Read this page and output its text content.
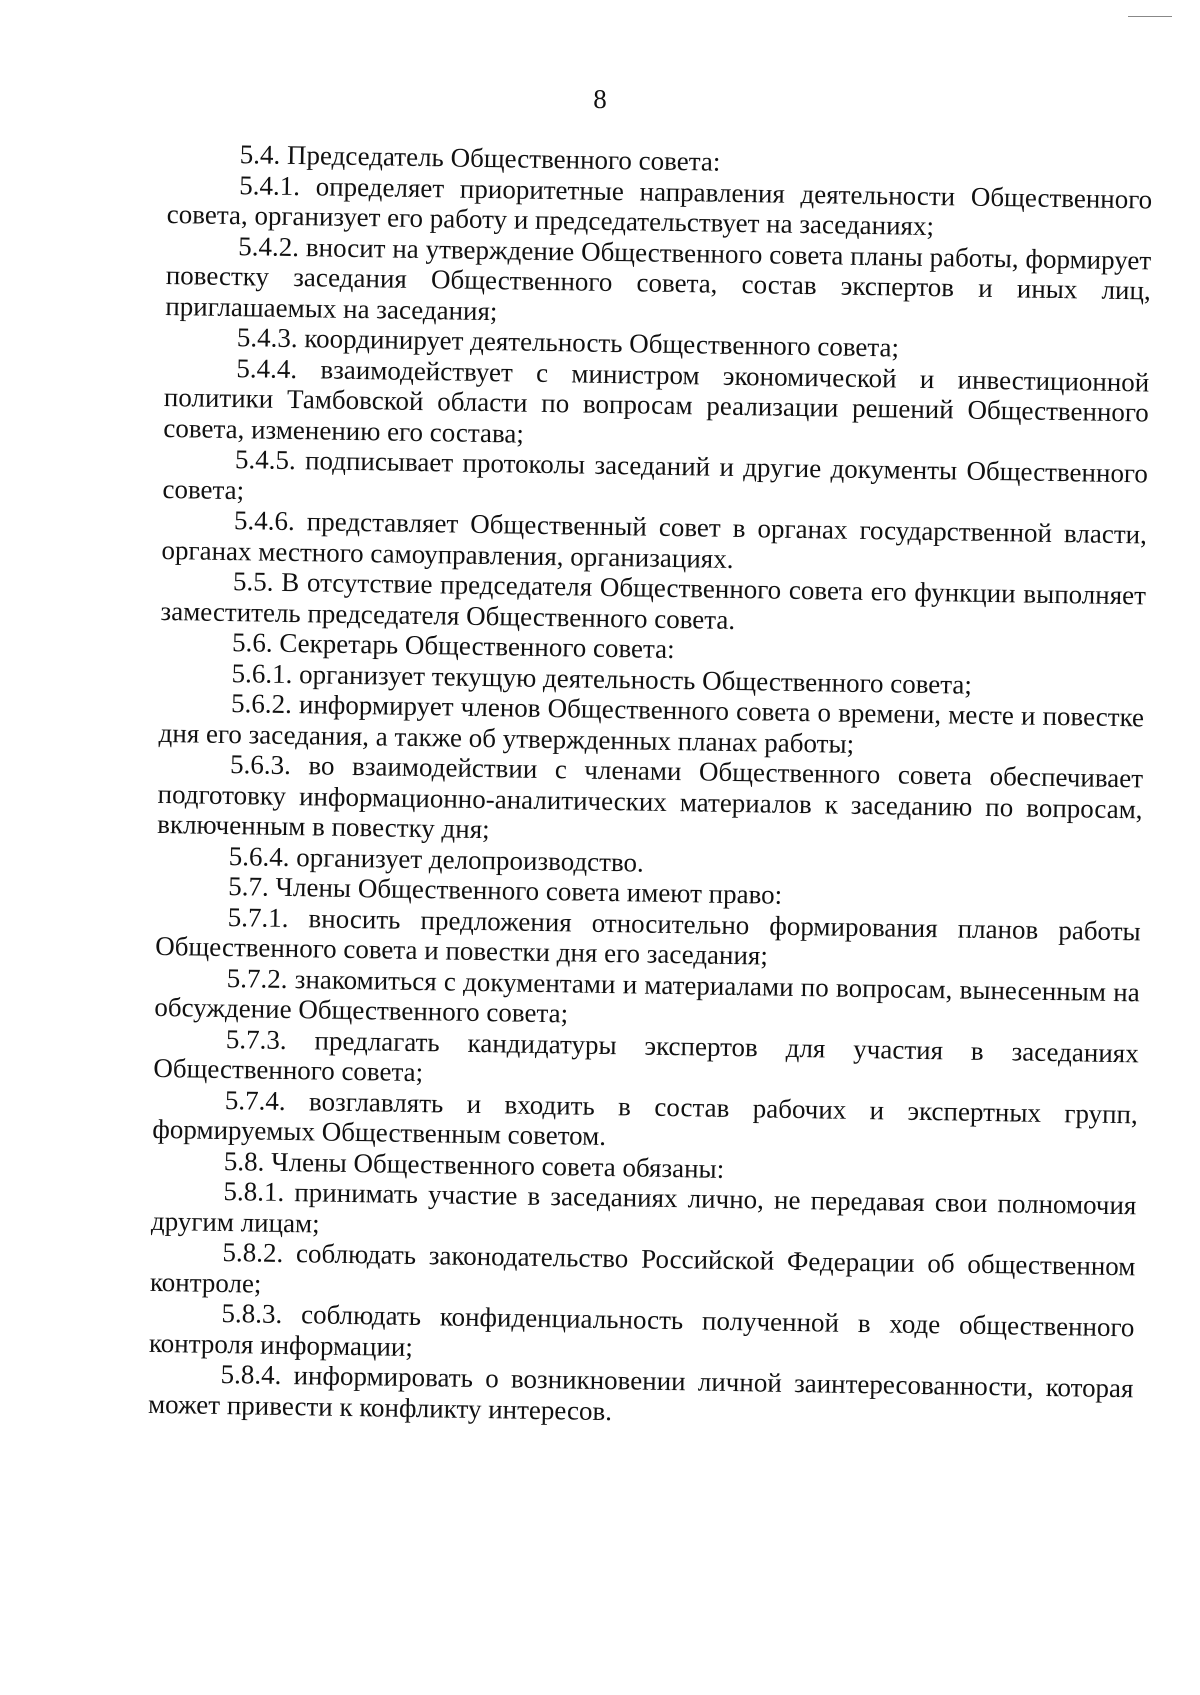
8

5.4. Председатель Общественного совета:

5.4.1. определяет приоритетные направления деятельности Общественного совета, организует его работу и председательствует на заседаниях;

5.4.2. вносит на утверждение Общественного совета планы работы, формирует повестку заседания Общественного совета, состав экспертов и иных лиц, приглашаемых на заседания;

5.4.3. координирует деятельность Общественного совета;

5.4.4. взаимодействует с министром экономической и инвестиционной политики Тамбовской области по вопросам реализации решений Общественного совета, изменению его состава;

5.4.5. подписывает протоколы заседаний и другие документы Общественного совета;

5.4.6. представляет Общественный совет в органах государственной власти, органах местного самоуправления, организациях.

5.5. В отсутствие председателя Общественного совета его функции выполняет заместитель председателя Общественного совета.

5.6. Секретарь Общественного совета:

5.6.1. организует текущую деятельность Общественного совета;

5.6.2. информирует членов Общественного совета о времени, месте и повестке дня его заседания, а также об утвержденных планах работы;

5.6.3. во взаимодействии с членами Общественного совета обеспечивает подготовку информационно-аналитических материалов к заседанию по вопросам, включенным в повестку дня;

5.6.4. организует делопроизводство.

5.7. Члены Общественного совета имеют право:

5.7.1. вносить предложения относительно формирования планов работы Общественного совета и повестки дня его заседания;

5.7.2. знакомиться с документами и материалами по вопросам, вынесенным на обсуждение Общественного совета;

5.7.3. предлагать кандидатуры экспертов для участия в заседаниях Общественного совета;

5.7.4. возглавлять и входить в состав рабочих и экспертных групп, формируемых Общественным советом.

5.8. Члены Общественного совета обязаны:

5.8.1. принимать участие в заседаниях лично, не передавая свои полномочия другим лицам;

5.8.2. соблюдать законодательство Российской Федерации об общественном контроле;

5.8.3. соблюдать конфиденциальность полученной в ходе общественного контроля информации;

5.8.4. информировать о возникновении личной заинтересованности, которая может привести к конфликту интересов.
